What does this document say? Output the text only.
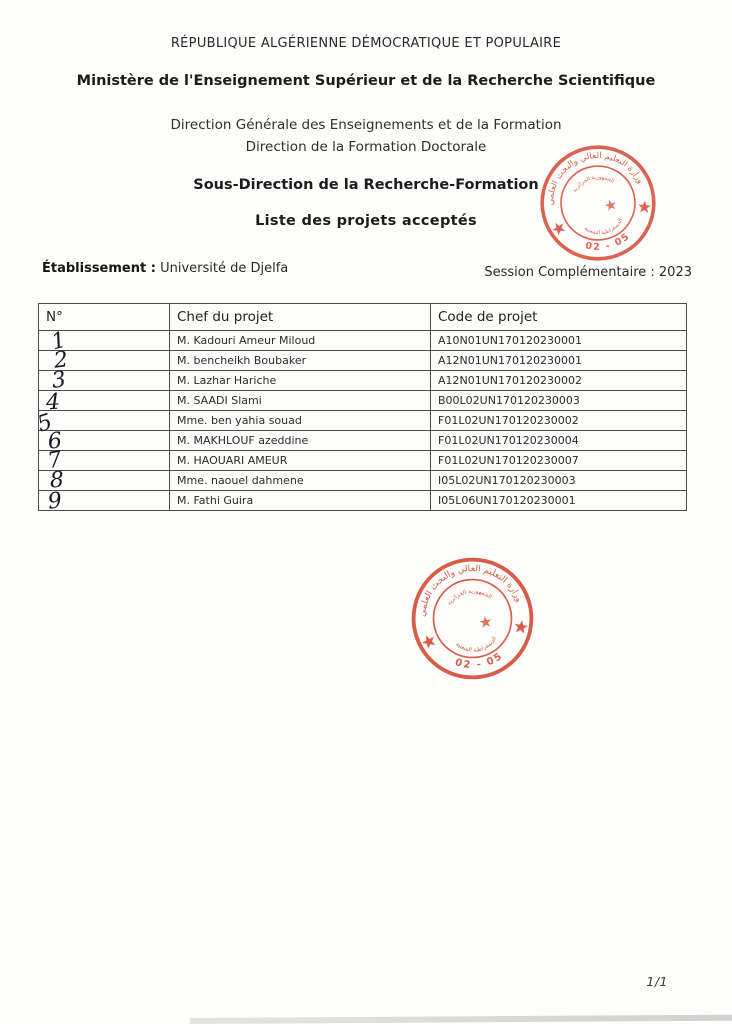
RÉPUBLIQUE ALGÉRIENNE DÉMOCRATIQUE ET POPULAIRE
Ministère de l'Enseignement Supérieur et de la Recherche Scientifique
Direction Générale des Enseignements et de la Formation
Direction de la Formation Doctorale
Sous-Direction de la Recherche-Formation
Liste des projets acceptés
Établissement : Université de Djelfa	Session Complémentaire : 2023
N°	Chef du projet	Code de projet
1	M. Kadouri Ameur Miloud	A10N01UN170120230001
2	M. bencheikh Boubaker	A12N01UN170120230001
3	M. Lazhar Hariche	A12N01UN170120230002
4	M. SAADI Slami	B00L02UN170120230003
5	Mme. ben yahia souad	F01L02UN170120230002
6	M. MAKHLOUF azeddine	F01L02UN170120230004
7	M. HAOUARI AMEUR	F01L02UN170120230007
8	Mme. naouel dahmene	I05L02UN170120230003
9	M. Fathi Guira	I05L06UN170120230001
وزارة التعليم العالي والبحث العلمي
الجمهورية الجزائرية
الديمقراطية الشعبية
02 - 05
وزارة التعليم العالي والبحث العلمي
الجمهورية الجزائرية
الديمقراطية الشعبية
02 - 05
1/1
